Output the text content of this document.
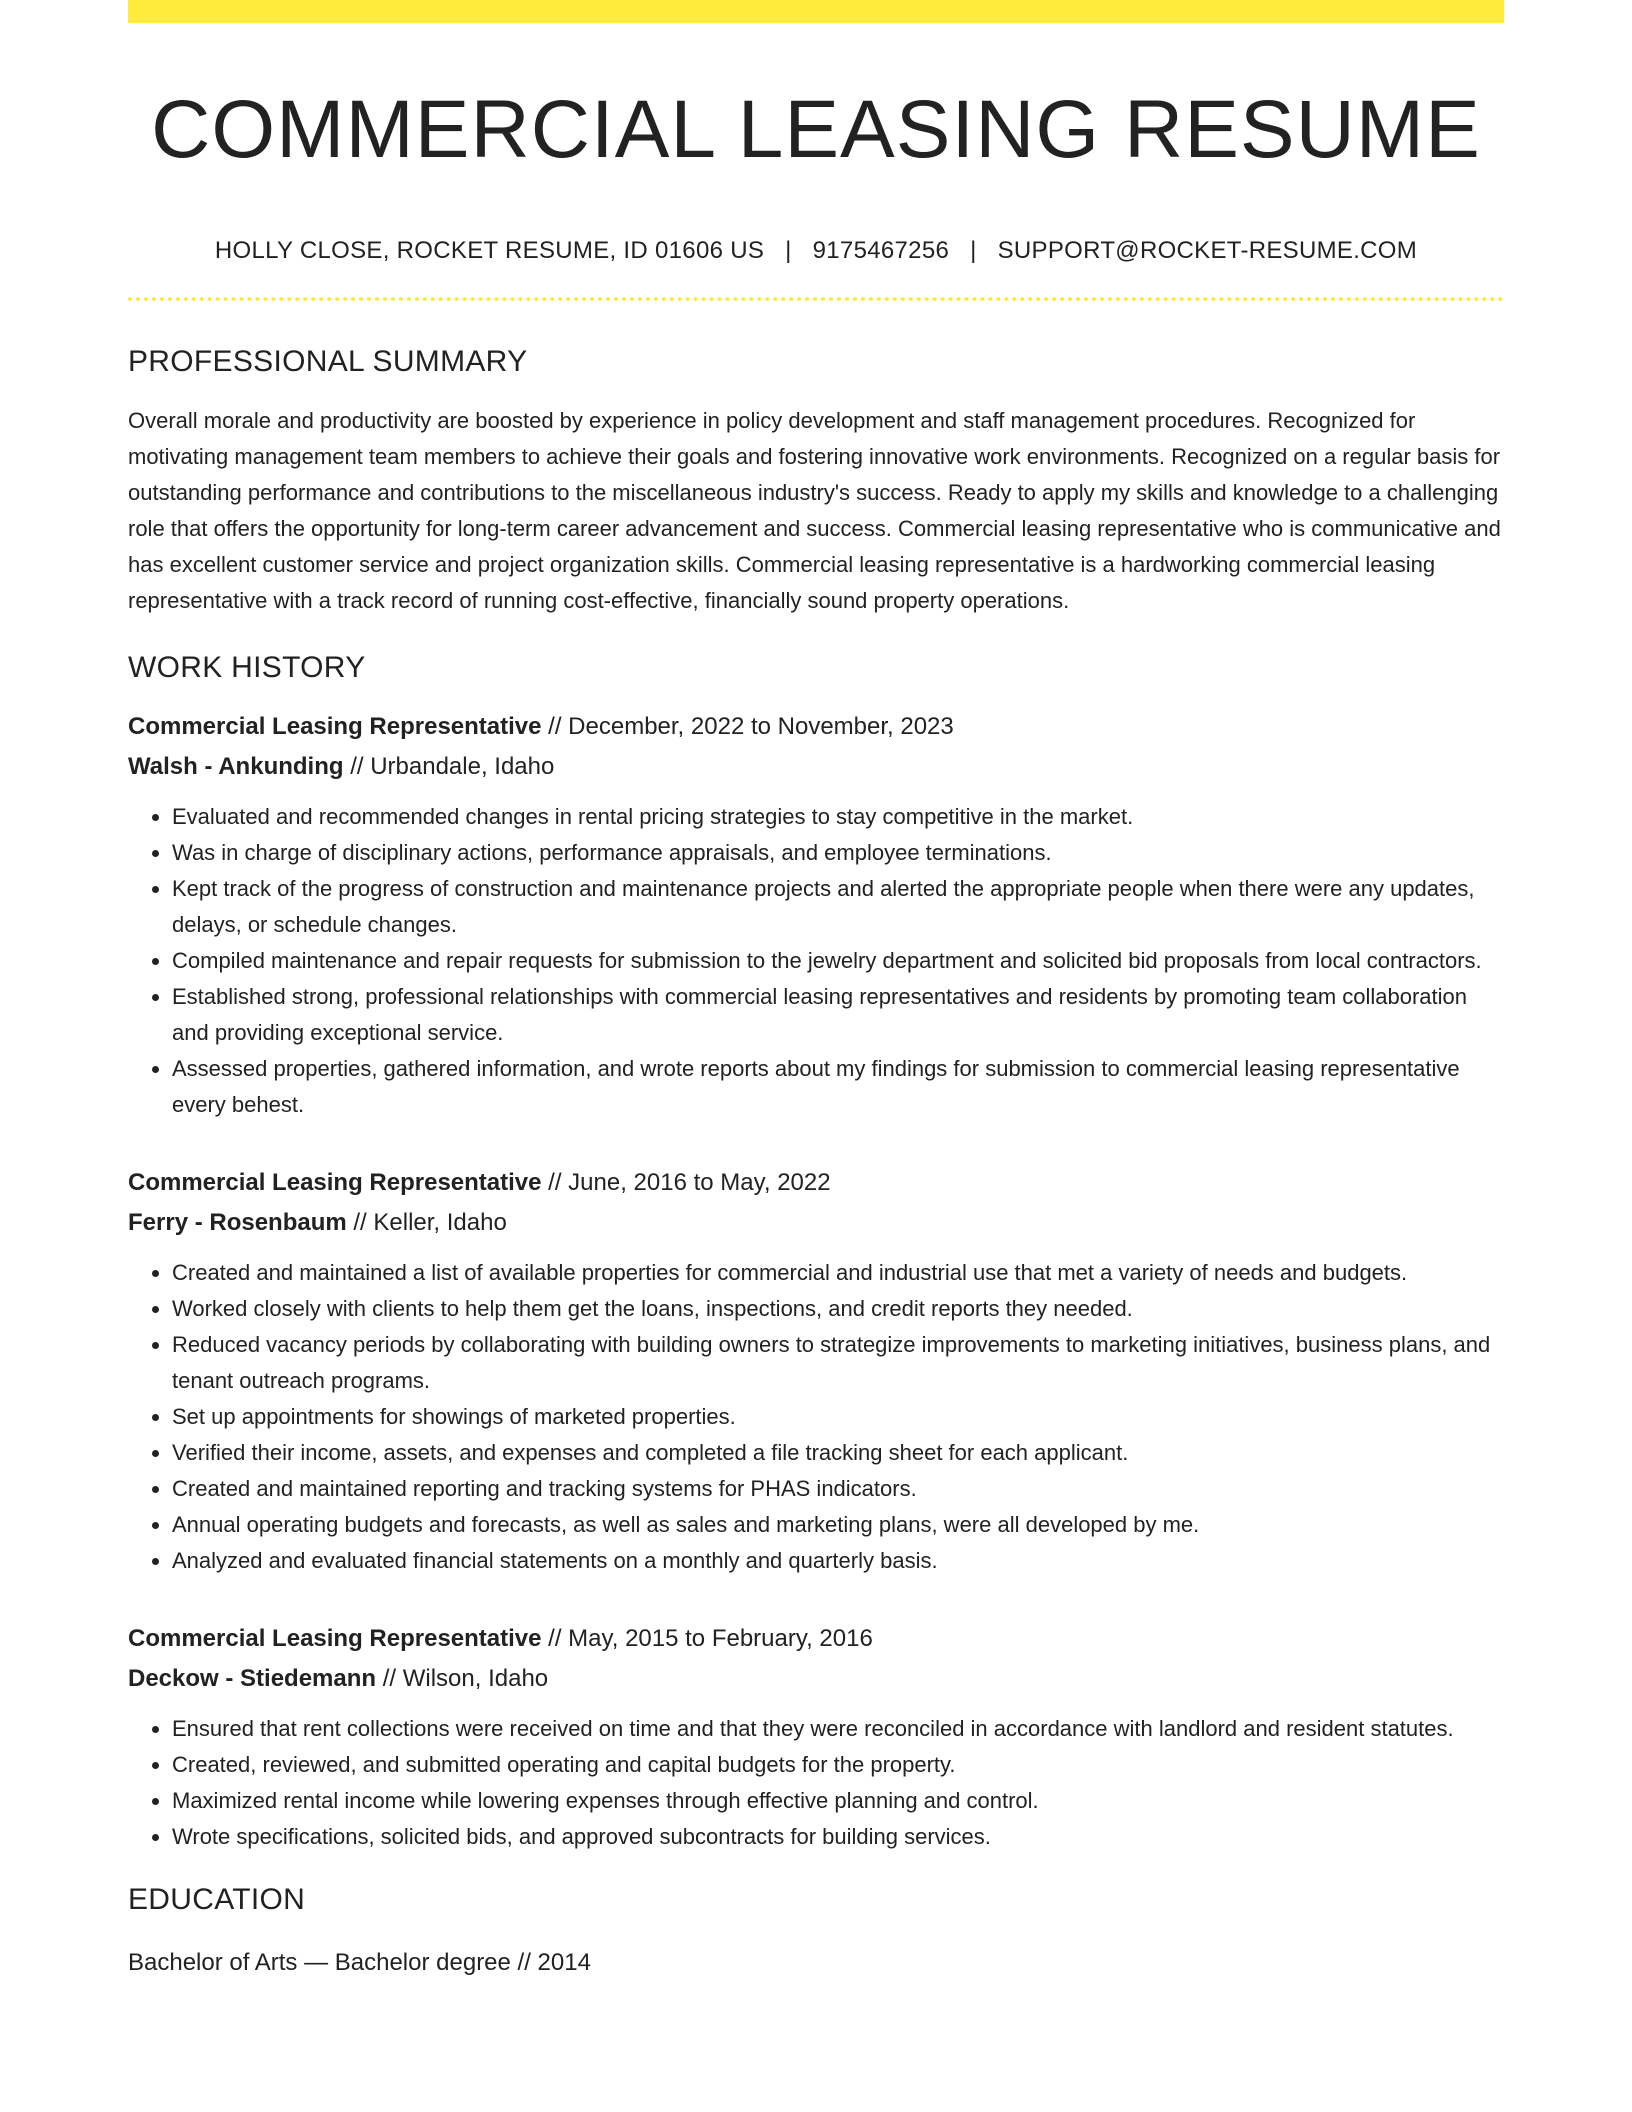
COMMERCIAL LEASING RESUME
HOLLY CLOSE, ROCKET RESUME, ID 01606 US | 9175467256 | SUPPORT@ROCKET-RESUME.COM
PROFESSIONAL SUMMARY

Overall morale and productivity are boosted by experience in policy development and staff management procedures. Recognized for motivating management team members to achieve their goals and fostering innovative work environments. Recognized on a regular basis for outstanding performance and contributions to the miscellaneous industry's success. Ready to apply my skills and knowledge to a challenging role that offers the opportunity for long-term career advancement and success. Commercial leasing representative who is communicative and has excellent customer service and project organization skills. Commercial leasing representative is a hardworking commercial leasing representative with a track record of running cost-effective, financially sound property operations.

WORK HISTORY
Commercial Leasing Representative // December, 2022 to November, 2023
Walsh - Ankunding // Urbandale, Idaho
• Evaluated and recommended changes in rental pricing strategies to stay competitive in the market.
• Was in charge of disciplinary actions, performance appraisals, and employee terminations.
• Kept track of the progress of construction and maintenance projects and alerted the appropriate people when there were any updates, delays, or schedule changes.
• Compiled maintenance and repair requests for submission to the jewelry department and solicited bid proposals from local contractors.
• Established strong, professional relationships with commercial leasing representatives and residents by promoting team collaboration and providing exceptional service.
• Assessed properties, gathered information, and wrote reports about my findings for submission to commercial leasing representative every behest.
Commercial Leasing Representative // June, 2016 to May, 2022
Ferry - Rosenbaum // Keller, Idaho
• Created and maintained a list of available properties for commercial and industrial use that met a variety of needs and budgets.
• Worked closely with clients to help them get the loans, inspections, and credit reports they needed.
• Reduced vacancy periods by collaborating with building owners to strategize improvements to marketing initiatives, business plans, and tenant outreach programs.
• Set up appointments for showings of marketed properties.
• Verified their income, assets, and expenses and completed a file tracking sheet for each applicant.
• Created and maintained reporting and tracking systems for PHAS indicators.
• Annual operating budgets and forecasts, as well as sales and marketing plans, were all developed by me.
• Analyzed and evaluated financial statements on a monthly and quarterly basis.
Commercial Leasing Representative // May, 2015 to February, 2016
Deckow - Stiedemann // Wilson, Idaho
• Ensured that rent collections were received on time and that they were reconciled in accordance with landlord and resident statutes.
• Created, reviewed, and submitted operating and capital budgets for the property.
• Maximized rental income while lowering expenses through effective planning and control.
• Wrote specifications, solicited bids, and approved subcontracts for building services.
EDUCATION
Bachelor of Arts — Bachelor degree // 2014
